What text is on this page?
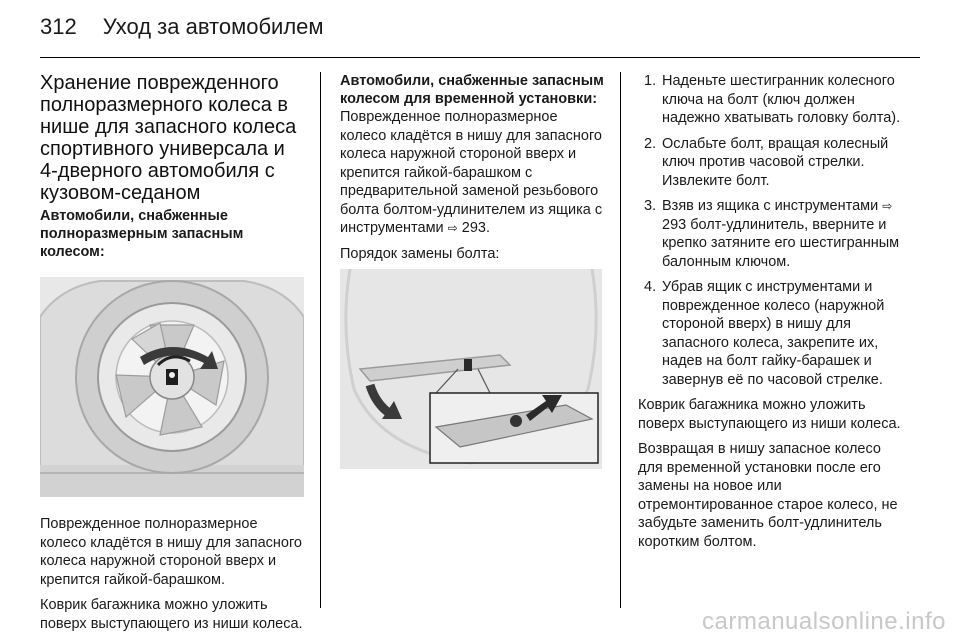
312 Уход за автомобилем
Хранение поврежденного полноразмерного колеса в нише для запасного колеса спортивного универсала и 4-дверного автомобиля с кузовом-седаном
Автомобили, снабженные полноразмерным запасным колесом:

Поврежденное полноразмерное колесо кладётся в нишу для запасного колеса наружной стороной вверх и крепится гайкой-барашком.

Коврик багажника можно уложить поверх выступающего из ниши колеса.

Автомобили, снабженные запасным колесом для временной установки:

Поврежденное полноразмерное колесо кладётся в нишу для запасного колеса наружной стороной вверх и крепится гайкой-барашком с предварительной заменой резьбового болта болтом-удлинителем из ящика с инструментами ⇨ 293.

Порядок замены болта:

1. Наденьте шестигранник колесного ключа на болт (ключ должен надежно хватывать головку болта).
2. Ослабьте болт, вращая колесный ключ против часовой стрелки. Извлеките болт.
3. Взяв из ящика с инструментами ⇨ 293 болт-удлинитель, вверните и крепко затяните его шестигранным балонным ключом.
4. Убрав ящик с инструментами и поврежденное колесо (наружной стороной вверх) в нишу для запасного колеса, закрепите их, надев на болт гайку-барашек и завернув её по часовой стрелке.

Коврик багажника можно уложить поверх выступающего из ниши колеса.

Возвращая в нишу запасное колесо для временной установки после его замены на новое или отремонтированное старое колесо, не забудьте заменить болт-удлинитель коротким болтом.

carmanualsonline.info
